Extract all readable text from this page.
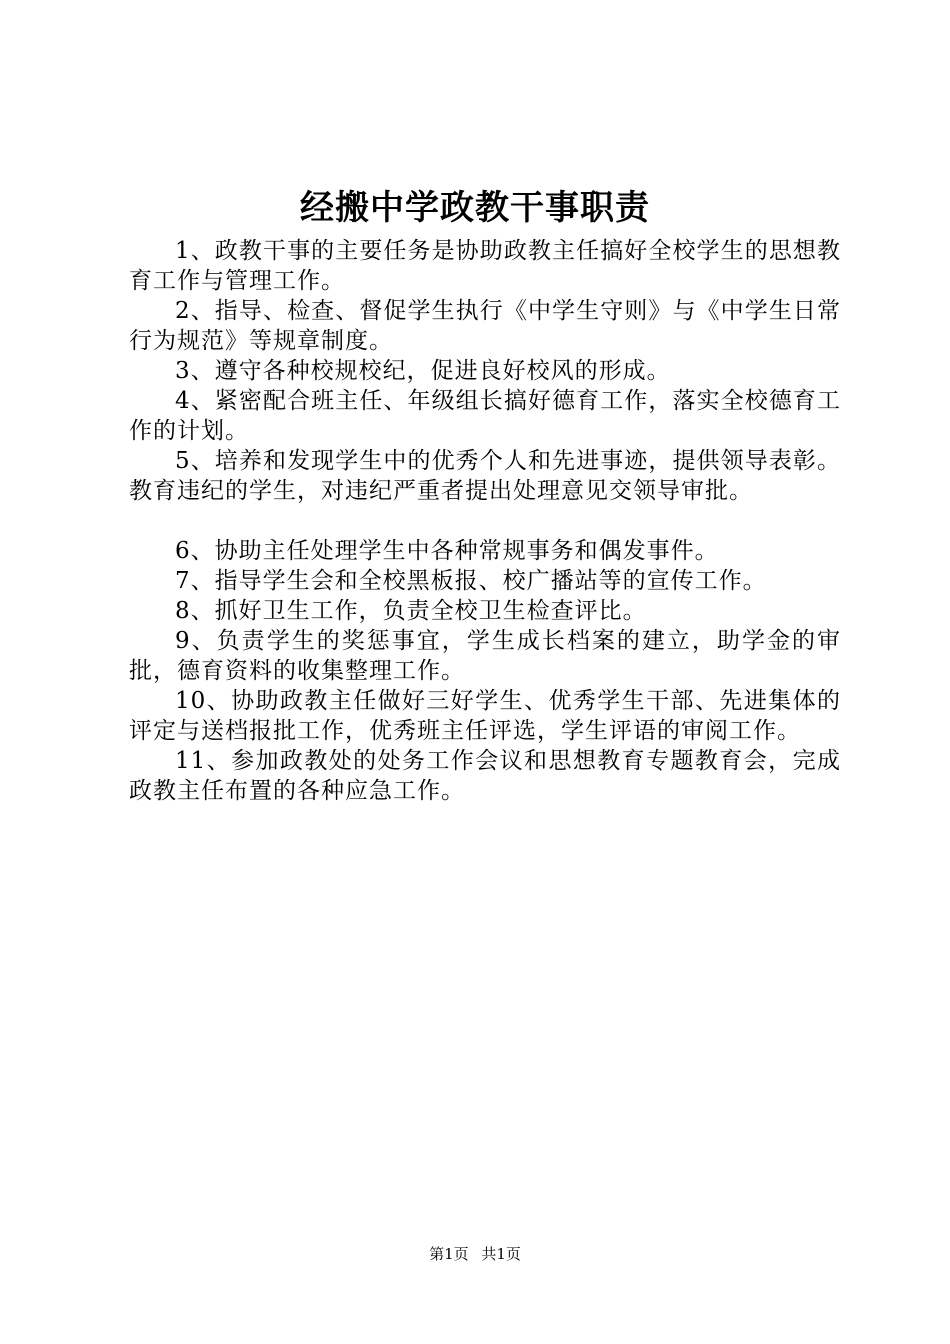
经搬中学政教干事职责

1、政教干事的主要任务是协助政教主任搞好全校学生的思想教育工作与管理工作。

2、指导、检查、督促学生执行《中学生守则》与《中学生日常行为规范》等规章制度。

3、遵守各种校规校纪，促进良好校风的形成。

4、紧密配合班主任、年级组长搞好德育工作，落实全校德育工作的计划。

5、培养和发现学生中的优秀个人和先进事迹，提供领导表彰。教育违纪的学生，对违纪严重者提出处理意见交领导审批。

6、协助主任处理学生中各种常规事务和偶发事件。

7、指导学生会和全校黑板报、校广播站等的宣传工作。

8、抓好卫生工作，负责全校卫生检查评比。

9、负责学生的奖惩事宜，学生成长档案的建立，助学金的审批，德育资料的收集整理工作。

10、协助政教主任做好三好学生、优秀学生干部、先进集体的评定与送档报批工作，优秀班主任评选，学生评语的审阅工作。

11、参加政教处的处务工作会议和思想教育专题教育会，完成政教主任布置的各种应急工作。

第1页 共1页
